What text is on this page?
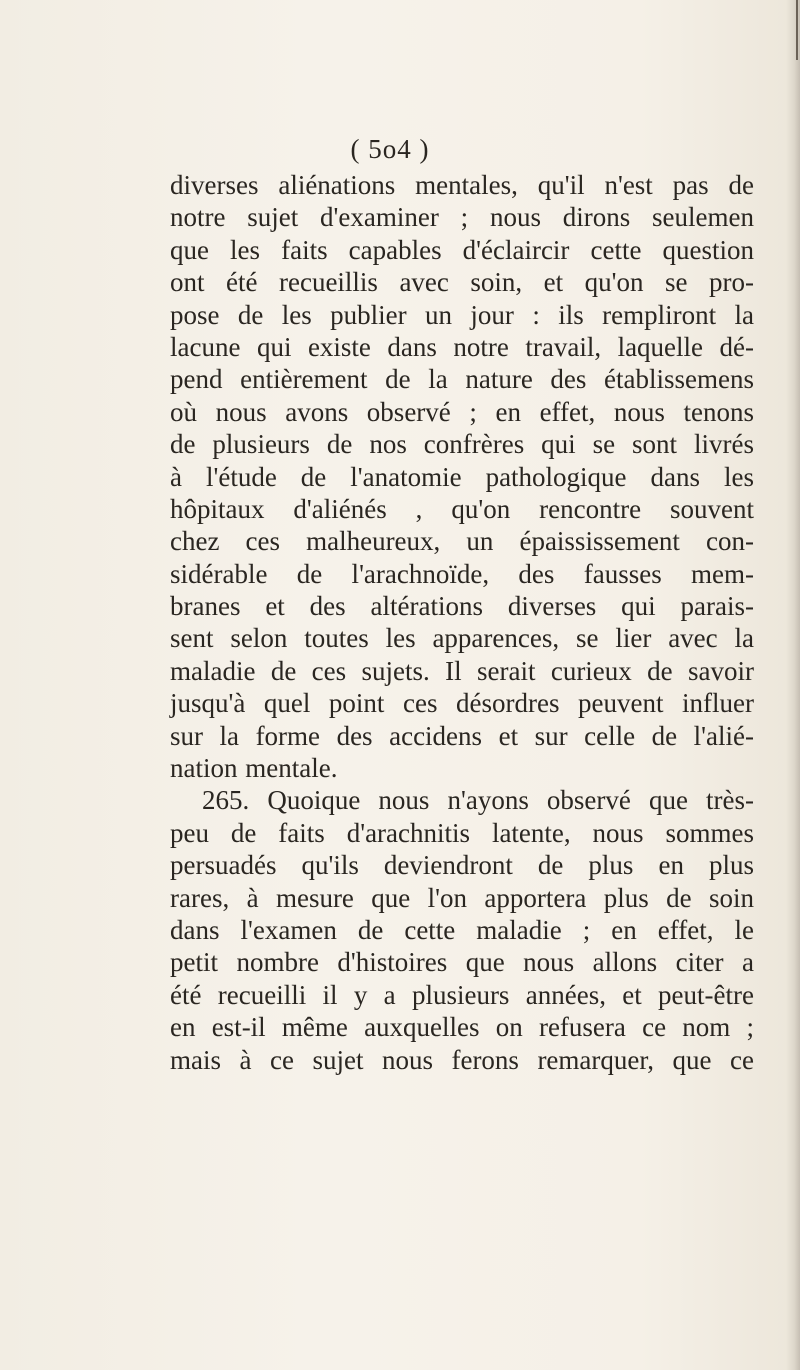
( 5o4 )
diverses aliénations mentales, qu'il n'est pas de
notre sujet d'examiner ; nous dirons seulemen
que les faits capables d'éclaircir cette question
ont été recueillis avec soin, et qu'on se pro-
pose de les publier un jour : ils rempliront la
lacune qui existe dans notre travail, laquelle dé-
pend entièrement de la nature des établissemens
où nous avons observé ; en effet, nous tenons
de plusieurs de nos confrères qui se sont livrés
à l'étude de l'anatomie pathologique dans les
hôpitaux d'aliénés , qu'on rencontre souvent
chez ces malheureux, un épaississement con-
sidérable de l'arachnoïde, des fausses mem-
branes et des altérations diverses qui parais-
sent selon toutes les apparences, se lier avec la
maladie de ces sujets. Il serait curieux de savoir
jusqu'à quel point ces désordres peuvent influer
sur la forme des accidens et sur celle de l'alié-
nation mentale.
265. Quoique nous n'ayons observé que très-
peu de faits d'arachnitis latente, nous sommes
persuadés qu'ils deviendront de plus en plus
rares, à mesure que l'on apportera plus de soin
dans l'examen de cette maladie ; en effet, le
petit nombre d'histoires que nous allons citer a
été recueilli il y a plusieurs années, et peut-être
en est-il même auxquelles on refusera ce nom ;
mais à ce sujet nous ferons remarquer, que ce
